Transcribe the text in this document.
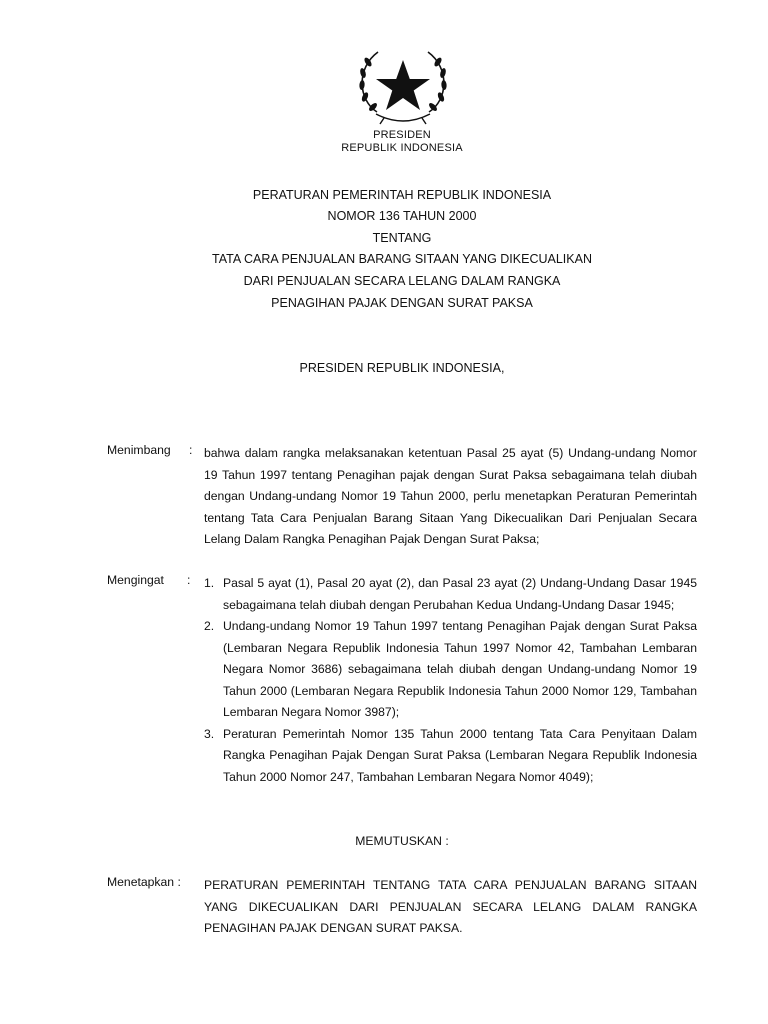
PRESIDEN
REPUBLIK INDONESIA
PERATURAN PEMERINTAH REPUBLIK INDONESIA
NOMOR 136 TAHUN 2000
TENTANG
TATA CARA PENJUALAN BARANG SITAAN YANG DIKECUALIKAN
DARI PENJUALAN SECARA LELANG DALAM RANGKA
PENAGIHAN PAJAK DENGAN SURAT PAKSA
PRESIDEN REPUBLIK INDONESIA,
Menimbang : bahwa dalam rangka melaksanakan ketentuan Pasal 25 ayat (5) Undang-undang Nomor 19 Tahun 1997 tentang Penagihan pajak dengan Surat Paksa sebagaimana telah diubah dengan Undang-undang Nomor 19 Tahun 2000, perlu menetapkan Peraturan Pemerintah tentang Tata Cara Penjualan Barang Sitaan Yang Dikecualikan Dari Penjualan Secara Lelang Dalam Rangka Penagihan Pajak Dengan Surat Paksa;
Mengingat : 1. Pasal 5 ayat (1), Pasal 20 ayat (2), dan Pasal 23 ayat (2) Undang-Undang Dasar 1945 sebagaimana telah diubah dengan Perubahan Kedua Undang-Undang Dasar 1945;
2. Undang-undang Nomor 19 Tahun 1997 tentang Penagihan Pajak dengan Surat Paksa (Lembaran Negara Republik Indonesia Tahun 1997 Nomor 42, Tambahan Lembaran Negara Nomor 3686) sebagaimana telah diubah dengan Undang-undang Nomor 19 Tahun 2000 (Lembaran Negara Republik Indonesia Tahun 2000 Nomor 129, Tambahan Lembaran Negara Nomor 3987);
3. Peraturan Pemerintah Nomor 135 Tahun 2000 tentang Tata Cara Penyitaan Dalam Rangka Penagihan Pajak Dengan Surat Paksa (Lembaran Negara Republik Indonesia Tahun 2000 Nomor 247, Tambahan Lembaran Negara Nomor 4049);
MEMUTUSKAN :
Menetapkan : PERATURAN PEMERINTAH TENTANG TATA CARA PENJUALAN BARANG SITAAN YANG DIKECUALIKAN DARI PENJUALAN SECARA LELANG DALAM RANGKA PENAGIHAN PAJAK DENGAN SURAT PAKSA.
